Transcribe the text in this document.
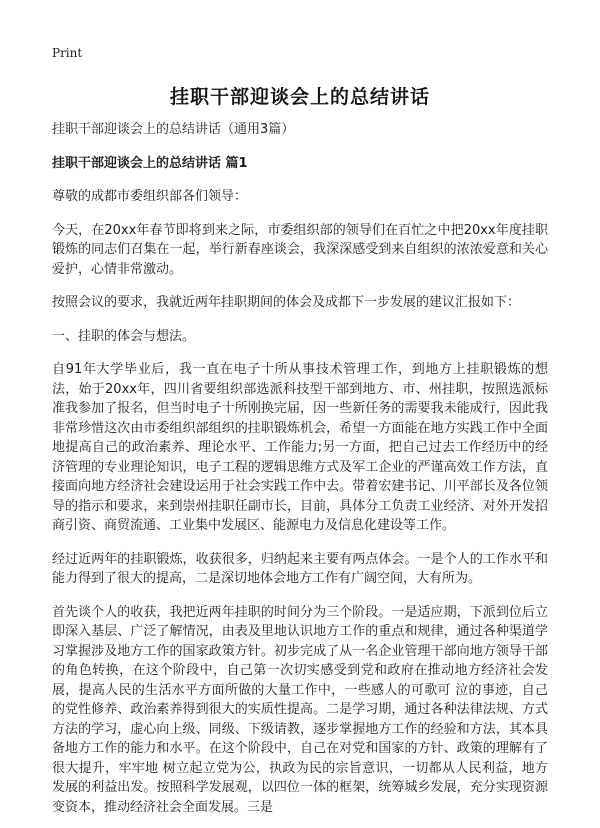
Print
挂职干部迎谈会上的总结讲话

挂职干部迎谈会上的总结讲话（通用3篇）

挂职干部迎谈会上的总结讲话 篇1

尊敬的成都市委组织部各们领导：

今天，在20xx年春节即将到来之际，市委组织部的领导们在百忙之中把20xx年度挂职锻炼的同志们召集在一起，举行新春座谈会，我深深感受到来自组织的浓浓爱意和关心爱护，心情非常激动。

按照会议的要求，我就近两年挂职期间的体会及成都下一步发展的建议汇报如下：

一、挂职的体会与想法。

自91年大学毕业后，我一直在电子十所从事技术管理工作，到地方上挂职锻炼的想法，始于20xx年，四川省要组织部选派科技型干部到地方、市、州挂职，按照选派标准我参加了报名，但当时电子十所刚换完届，因一些新任务的需要我未能成行，因此我非常珍惜这次由市委组织部组织的挂职锻炼机会，希望一方面能在地方实践工作中全面地提高自己的政治素养、理论水平、工作能力;另一方面，把自己过去工作经历中的经济管理的专业理论知识，电子工程的逻辑思维方式及军工企业的严谨高效工作方法，直接面向地方经济社会建设运用于社会实践工作中去。带着宏建书记、川平部长及各位领导的指示和要求，来到崇州挂职任副市长，目前，具体分工负责工业经济、对外开发招商引资、商贸流通、工业集中发展区、能源电力及信息化建设等工作。

经过近两年的挂职锻炼，收获很多，归纳起来主要有两点体会。一是个人的工作水平和能力得到了很大的提高，二是深切地体会地方工作有广阔空间，大有所为。

首先谈个人的收获，我把近两年挂职的时间分为三个阶段。一是适应期，下派到位后立即深入基层、广泛了解情况，由表及里地认识地方工作的重点和规律，通过各种渠道学习掌握涉及地方工作的国家政策方针。初步完成了从一名企业管理干部向地方领导干部的角色转换，在这个阶段中，自己第一次切实感受到党和政府在推动地方经济社会发展，提高人民的生活水平方面所做的大量工作中，一些感人的可歌可 泣的事迹，自己的党性修养、政治素养得到很大的实质性提高。二是学习期，通过各种法律法规、方式方法的学习，虚心向上级、同级、下级请教，逐步掌握地方工作的经验和方法，其本具备地方工作的能力和水平。在这个阶段中，自己在对党和国家的方针、政策的理解有了很大提升，牢牢地 树立起立党为公，执政为民的宗旨意识，一切都从人民利益，地方发展的利益出发。按照科学发展观，以四位一体的框架，统筹城乡发展，充分实现资源变资本，推动经济社会全面发展。三是
